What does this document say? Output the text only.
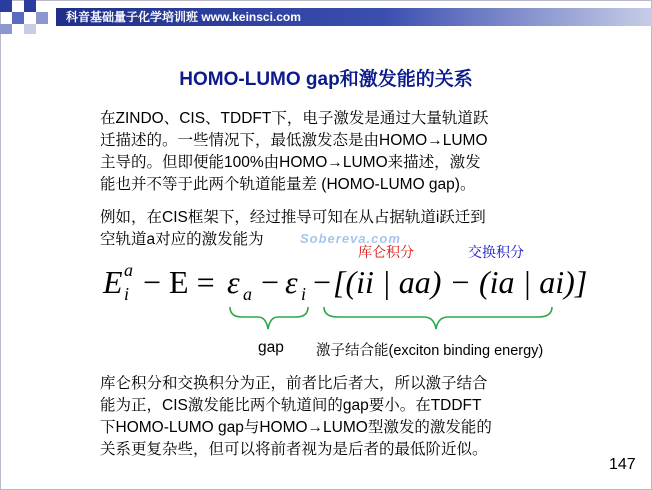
科音基础量子化学培训班 www.keinsci.com
HOMO-LUMO gap和激发能的关系
在ZINDO、CIS、TDDFT下，电子激发是通过大量轨道跃
迁描述的。一些情况下，最低激发态是由HOMO→LUMO
主导的。但即便能100%由HOMO→LUMO来描述，激发
能也并不等于此两个轨道能量差 (HOMO-LUMO gap)。
例如，在CIS框架下，经过推导可知在从占据轨道i跃迁到
空轨道a对应的激发能为	Sobereva.com
库仑积分	交换积分
E a
i − E = ε a − ε i − [(ii | aa) − (ia | ai)]
gap 激子结合能(exciton binding energy)
库仑积分和交换积分为正，前者比后者大，所以激子结合
能为正，CIS激发能比两个轨道间的gap要小。在TDDFT
下HOMO-LUMO gap与HOMO→LUMO型激发的激发能的
关系更复杂些，但可以将前者视为是后者的最低阶近似。
147
